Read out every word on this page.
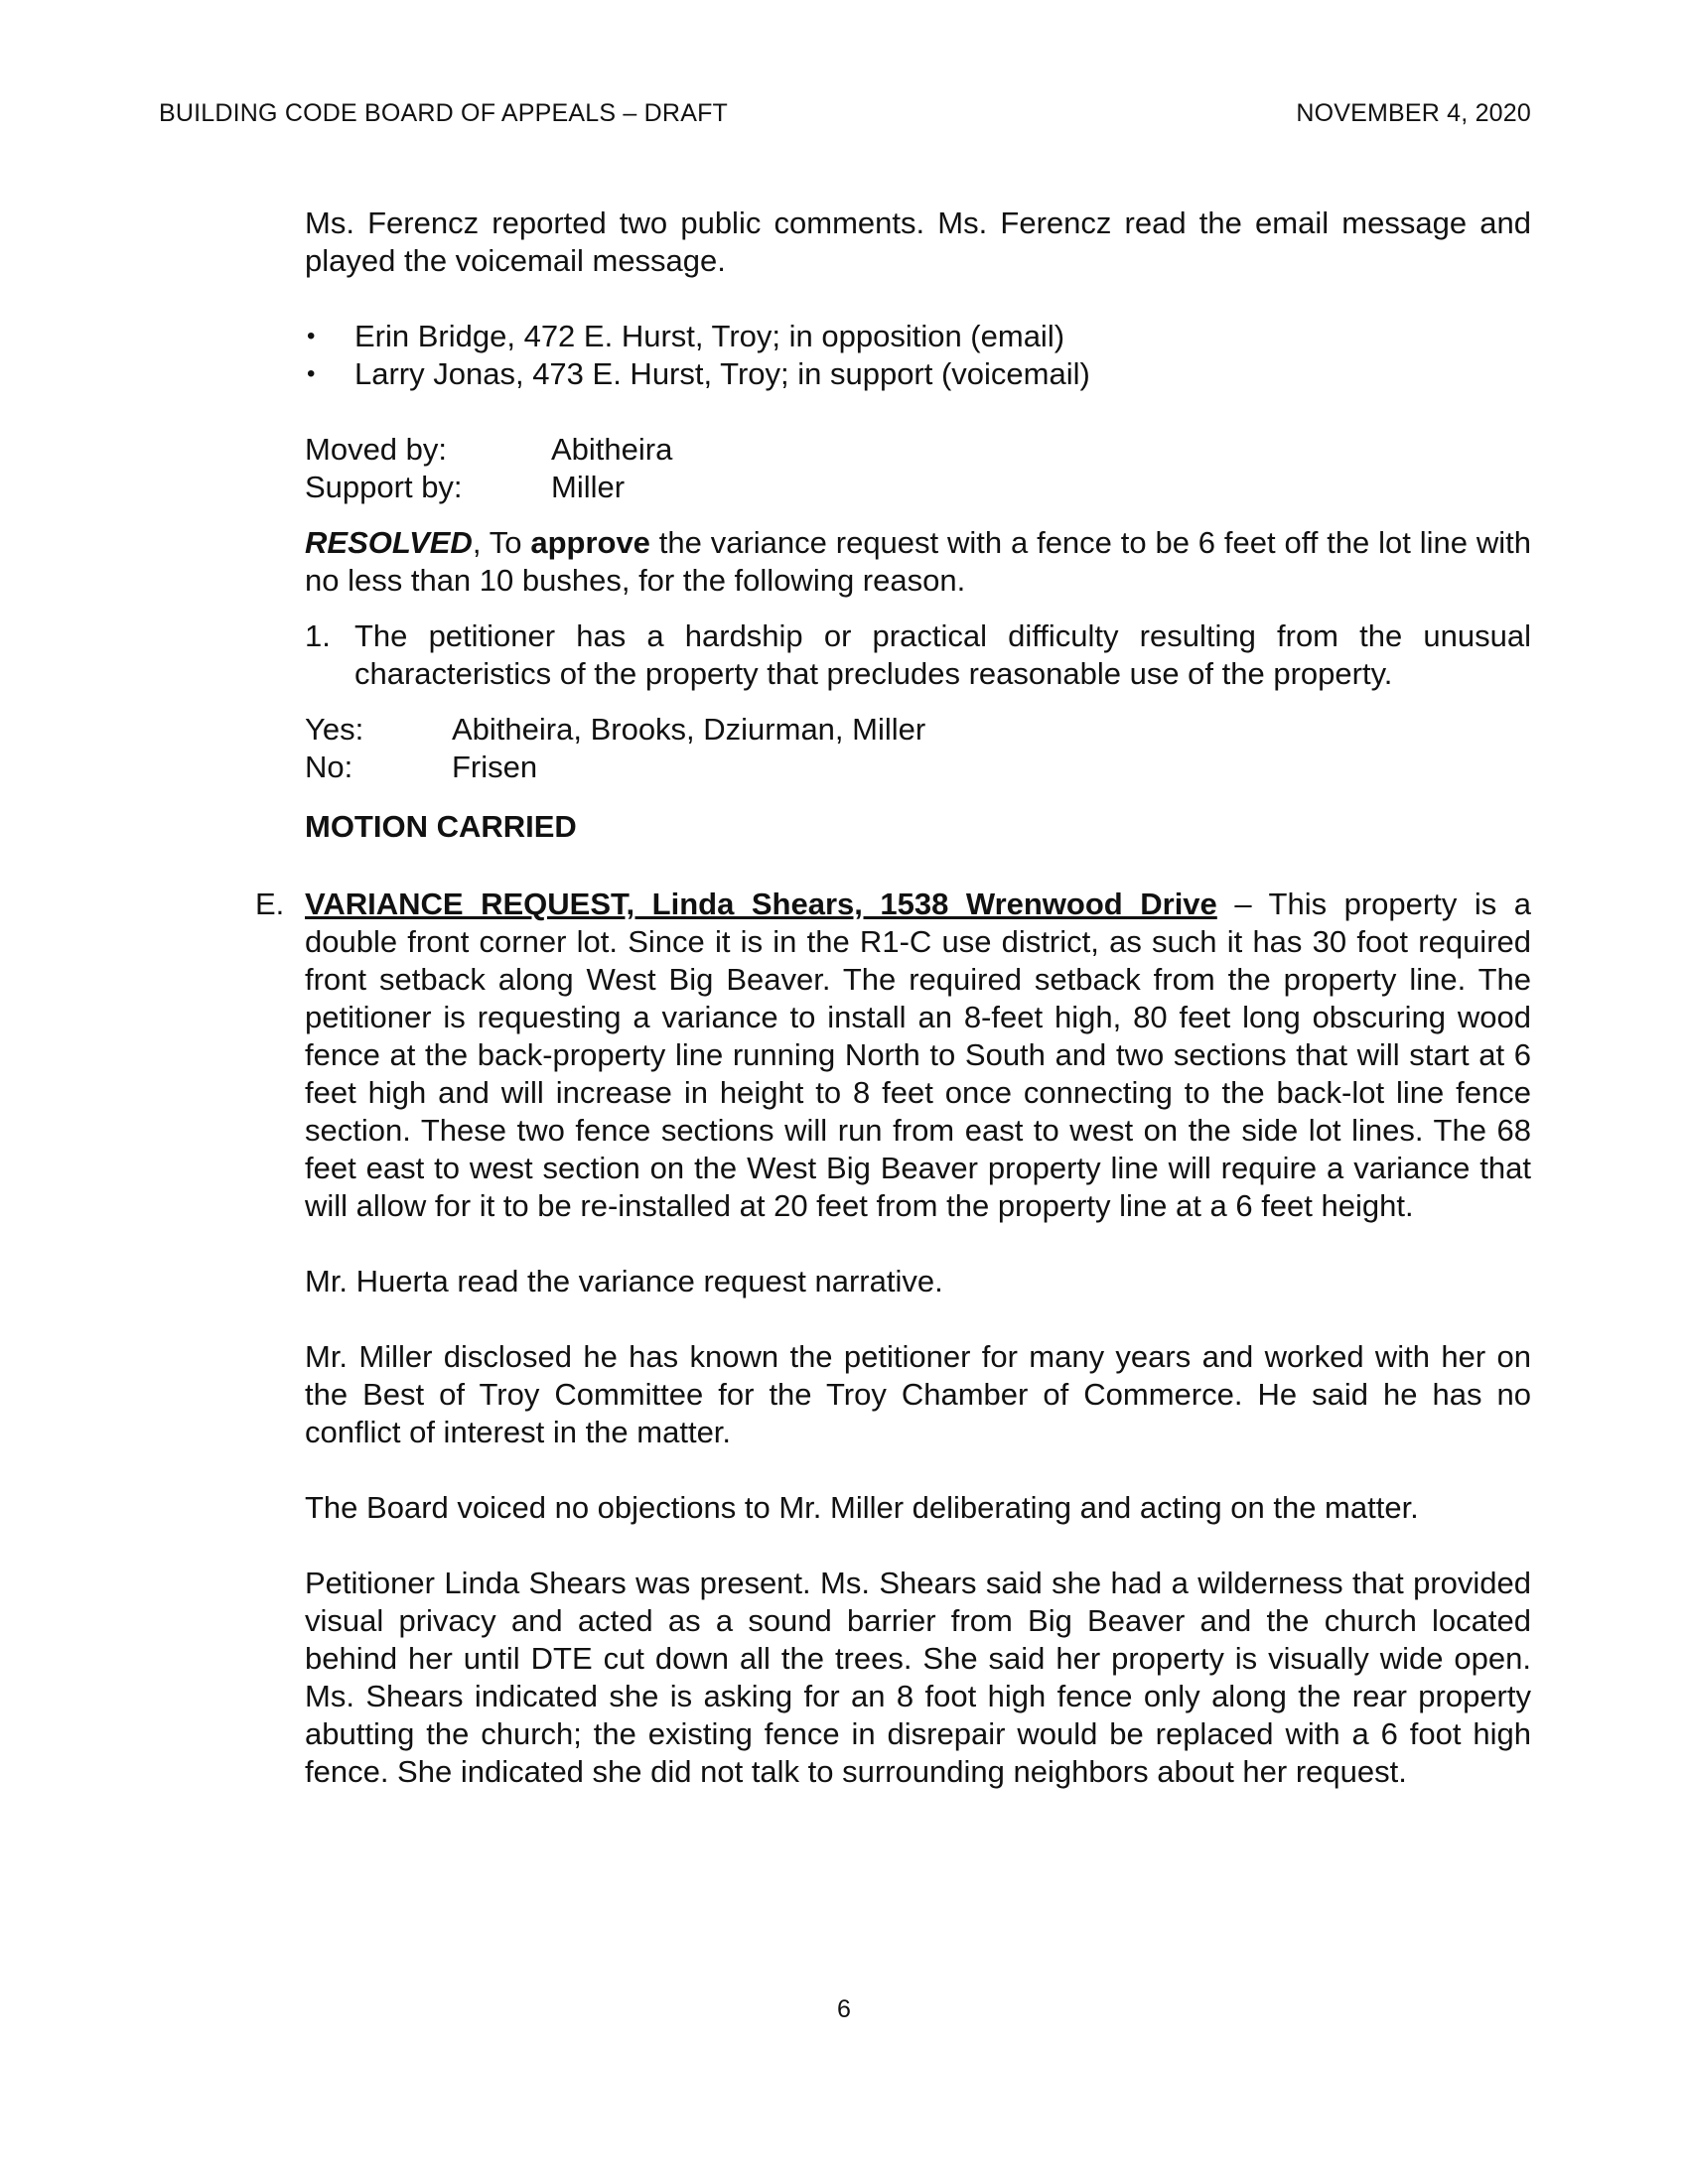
BUILDING CODE BOARD OF APPEALS – DRAFT	NOVEMBER 4, 2020

Ms. Ferencz reported two public comments. Ms. Ferencz read the email message and played the voicemail message.

• Erin Bridge, 472 E. Hurst, Troy; in opposition (email)
• Larry Jonas, 473 E. Hurst, Troy; in support (voicemail)
Moved by:	Abitheira
Support by:	Miller

RESOLVED, To approve the variance request with a fence to be 6 feet off the lot line with no less than 10 bushes, for the following reason.

1. The petitioner has a hardship or practical difficulty resulting from the unusual characteristics of the property that precludes reasonable use of the property.
Yes:	Abitheira, Brooks, Dziurman, Miller
No:	Frisen

MOTION CARRIED

E. VARIANCE REQUEST, Linda Shears, 1538 Wrenwood Drive – This property is a double front corner lot. Since it is in the R1-C use district, as such it has 30 foot required front setback along West Big Beaver. The required setback from the property line. The petitioner is requesting a variance to install an 8-feet high, 80 feet long obscuring wood fence at the back-property line running North to South and two sections that will start at 6 feet high and will increase in height to 8 feet once connecting to the back-lot line fence section. These two fence sections will run from east to west on the side lot lines. The 68 feet east to west section on the West Big Beaver property line will require a variance that will allow for it to be re-installed at 20 feet from the property line at a 6 feet height.

Mr. Huerta read the variance request narrative.

Mr. Miller disclosed he has known the petitioner for many years and worked with her on the Best of Troy Committee for the Troy Chamber of Commerce. He said he has no conflict of interest in the matter.

The Board voiced no objections to Mr. Miller deliberating and acting on the matter.

Petitioner Linda Shears was present. Ms. Shears said she had a wilderness that provided visual privacy and acted as a sound barrier from Big Beaver and the church located behind her until DTE cut down all the trees. She said her property is visually wide open. Ms. Shears indicated she is asking for an 8 foot high fence only along the rear property abutting the church; the existing fence in disrepair would be replaced with a 6 foot high fence. She indicated she did not talk to surrounding neighbors about her request.

6
